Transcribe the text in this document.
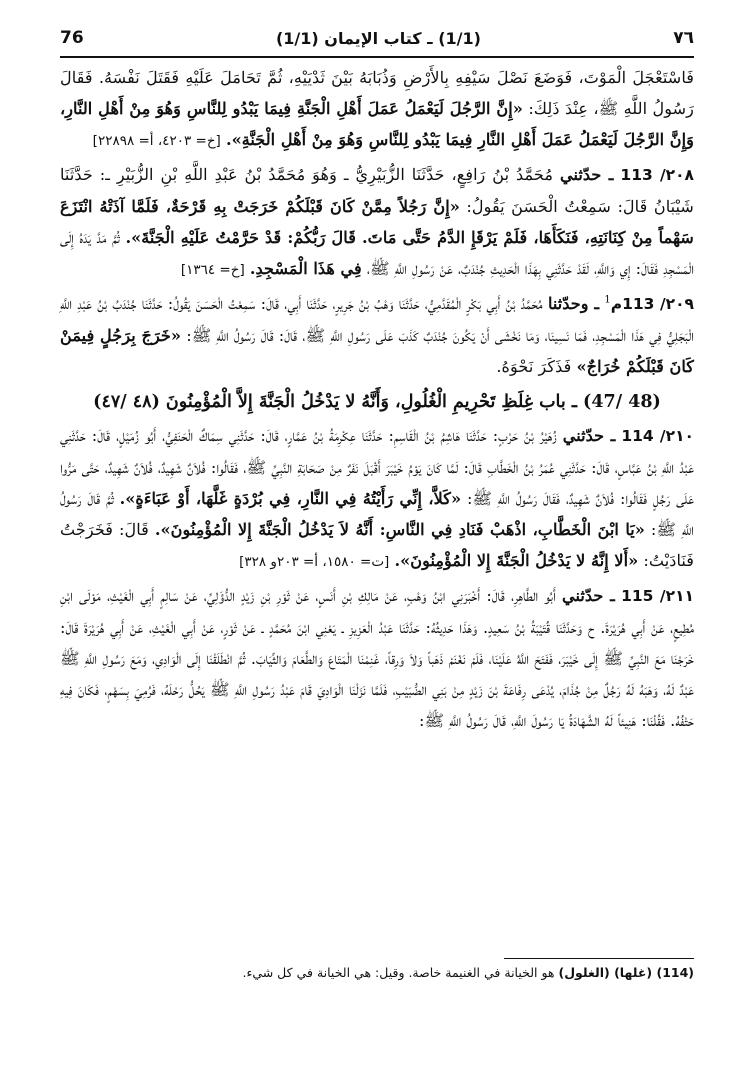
76	(1/1) ـ كتاب الإيمان (1/1)	٧٦

فَاسْتَعْجَلَ الْمَوْتَ، فَوَضَعَ نَصْلَ سَيْفِهِ بِالأَرْضِ وَذُبَابَهُ بَيْنَ ثَدْيَيْهِ، ثُمَّ تَحَامَلَ عَلَيْهِ فَقَتَلَ نَفْسَهُ. فَقَالَ رَسُولُ اللَّهِ ﷺ، عِنْدَ ذَلِكَ: «إِنَّ الرَّجُلَ لَيَعْمَلُ عَمَلَ أَهْلِ الْجَنَّةِ فِيمَا يَبْدُو لِلنَّاسِ وَهُوَ مِنْ أَهْلِ النَّارِ، وَإِنَّ الرَّجُلَ لَيَعْمَلُ عَمَلَ أَهْلِ النَّارِ فِيمَا يَبْدُو لِلنَّاسِ وَهُوَ مِنْ أَهْلِ الْجَنَّةِ». [خ= ٤٢٠٣، أ= ٢٢٨٩٨]

٢٠٨/ 113 ـ حدّثني مُحَمَّدُ بْنُ رَافِعٍ، حَدَّثَنَا الزُّبَيْرِيُّ ـ وَهُوَ مُحَمَّدُ بْنُ عَبْدِ اللَّهِ بْنِ الزُّبَيْرِ ـ: حَدَّثَنَا شَيْبَانُ قَالَ: سَمِعْتُ الْحَسَنَ يَقُولُ: «إِنَّ رَجُلاً مِمَّنْ كَانَ قَبْلَكُمْ خَرَجَتْ بِهِ قَرْحَةٌ، فَلَمَّا آذَتْهُ انْتَزَعَ سَهْماً مِنْ كِنَانَتِهِ، فَنَكَأَهَا، فَلَمْ يَرْقَإِ الدَّمُ حَتَّى مَاتَ. قَالَ رَبُّكُمْ: قَدْ حَرَّمْتُ عَلَيْهِ الْجَنَّةَ». ثُمَّ مَدَّ يَدَهُ إِلَى الْمَسْجِدِ فَقَالَ: إِي وَاللَّهِ، لَقَدْ حَدَّثَنِي بِهَذَا الْحَدِيثِ جُنْدَبٌ، عَنْ رَسُولِ اللَّهِ ﷺ، فِي هَذَا الْمَسْجِدِ. [خ= ١٣٦٤]

٢٠٩/ 113م$^1$ ـ وحدّثنا مُحَمَّدُ بْنُ أَبِي بَكْرٍ الْمُقَدَّمِيُّ، حَدَّثَنَا وَهْبُ بْنُ جَرِيرٍ، حَدَّثَنَا أَبِي، قَالَ: سَمِعْتُ الْحَسَنَ يَقُولُ: حَدَّثَنَا جُنْدَبُ بْنُ عَبْدِ اللَّهِ الْبَجَلِيُّ فِي هَذَا الْمَسْجِدِ، فَمَا نَسِينَا، وَمَا نَخْشَى أَنْ يَكُونَ جُنْدَبٌ كَذَبَ عَلَى رَسُولِ اللَّهِ ﷺ، قَالَ: قَالَ رَسُولُ اللَّهِ ﷺ: «خَرَجَ بِرَجُلٍ فِيمَنْ كَانَ قَبْلَكُمْ خُرَاجٌ» فَذَكَرَ نَحْوَهُ.

(48 /47) ـ باب غِلَظِ تَحْرِيمِ الْغُلُولِ، وَأَنَّهُ لا يَدْخُلُ الْجَنَّةَ إِلاَّ الْمُؤْمِنُونَ (٤٨ /٤٧)

٢١٠/ 114 ـ حدّثني زُهَيْرُ بْنُ حَرْبٍ: حَدَّثَنَا هَاشِمُ بْنُ الْقَاسِمِ: حَدَّثَنَا عِكْرِمَةُ بْنُ عَمَّارٍ، قَالَ: حَدَّثَنِي سِمَاكٌ الْحَنَفِيُّ، أَبُو زُمَيْلٍ، قَالَ: حَدَّثَنِي عَبْدُ اللَّهِ بْنُ عَبَّاسٍ، قَالَ: حَدَّثَنِي عُمَرُ بْنُ الْخَطَّابِ قَالَ: لَمَّا كَانَ يَوْمُ خَيْبَرَ أَقْبَلَ نَفَرٌ مِنْ صَحَابَةِ النَّبِيِّ ﷺ، فَقَالُوا: فُلاَنٌ شَهِيدٌ، فُلاَنٌ شَهِيدٌ، حَتَّى مَرُّوا عَلَى رَجُلٍ فَقَالُوا: فُلاَنٌ شَهِيدٌ، فَقَالَ رَسُولُ اللَّهِ ﷺ: «كَلاَّ، إِنِّي رَأَيْتُهُ فِي النَّارِ، فِي بُرْدَةٍ غَلَّهَا، أَوْ عَبَاءَةٍ». ثُمَّ قَالَ رَسُولُ اللَّهِ ﷺ: «يَا ابْنَ الْخَطَّابِ، اذْهَبْ فَنَادِ فِي النَّاسِ: أَنَّهُ لاَ يَدْخُلُ الْجَنَّةَ إِلا الْمُؤْمِنُونَ». قَالَ: فَخَرَجْتُ فَنَادَيْتُ: «أَلا إِنَّهُ لا يَدْخُلُ الْجَنَّةَ إِلا الْمُؤْمِنُونَ». [ت= ١٥٨٠، أ= ٢٠٣و ٣٢٨]

٢١١/ 115 ـ حدّثني أَبُو الطَّاهِرِ، قَالَ: أَخْبَرَنِي ابْنُ وَهْبٍ، عَنْ مَالِكِ بْنِ أَنَسٍ، عَنْ ثَوْرِ بْنِ زَيْدٍ الدُّؤَلِيِّ، عَنْ سَالِمٍ أَبِي الْغَيْثِ، مَوْلَى ابْنِ مُطِيعٍ، عَنْ أَبِي هُرَيْرَةَ. ح وَحَدَّثَنَا قُتَيْبَةُ بْنُ سَعِيدٍ. وَهَذَا حَدِيثُهُ: حَدَّثَنَا عَبْدُ الْعَزِيزِ ـ يَعْنِي ابْنَ مُحَمَّدٍ ـ عَنْ ثَوْرٍ، عَنْ أَبِي الْغَيْثِ، عَنْ أَبِي هُرَيْرَةَ قَالَ: خَرَجْنَا مَعَ النَّبِيِّ ﷺ إِلَى خَيْبَرَ، فَفَتَحَ اللَّهُ عَلَيْنَا، فَلَمْ نَغْنَمْ ذَهَباً وَلاَ وَرِقاً، غَنِمْنَا الْمَتَاعَ وَالطَّعَامَ وَالثِّيَابَ. ثُمَّ انْطَلَقْنَا إِلَى الْوَادِي، وَمَعَ رَسُولِ اللَّهِ ﷺ عَبْدٌ لَهُ، وَهَبَهُ لَهُ رَجُلٌ مِنْ جُذَامَ، يُدْعَى رِفَاعَةَ بْنَ زَيْدٍ مِنْ بَنِي الضُّبَيْبِ، فَلَمَّا نَزَلْنَا الْوَادِيَ قَامَ عَبْدُ رَسُولِ اللَّهِ ﷺ يَحُلُّ رَحْلَهُ، فَرُمِيَ بِسَهْمٍ، فَكَانَ فِيهِ حَتْفُهُ. فَقُلْنَا: هَنِيئاً لَهُ الشَّهَادَةُ يَا رَسُولَ اللَّهِ، قَالَ رَسُولُ اللَّهِ ﷺ:

(114) (غلها) (الغلول) هو الخيانة في الغنيمة خاصة. وقيل: هي الخيانة في كل شيء.
